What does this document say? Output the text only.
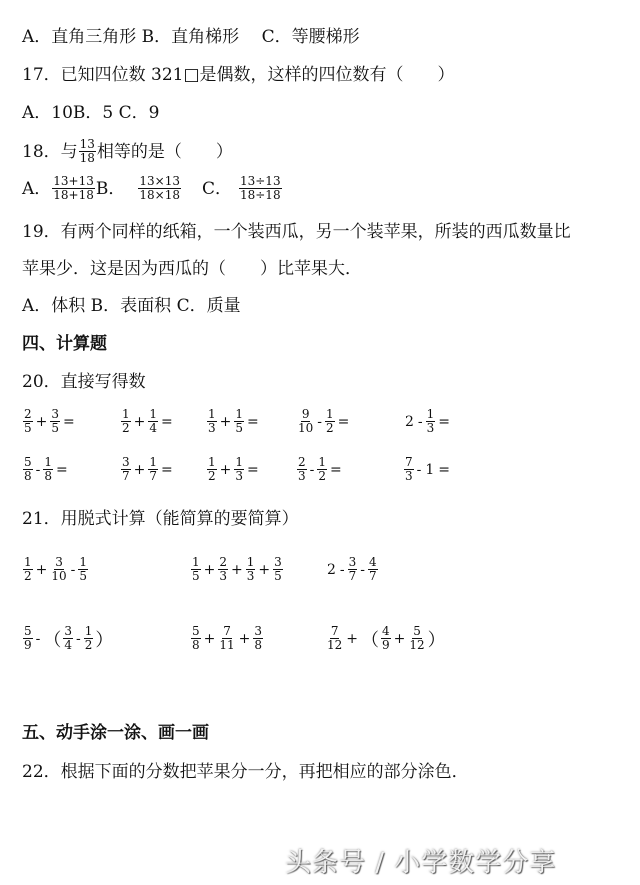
A．直角三角形 B．直角梯形　 C．等腰梯形
17．已知四位数 321□是偶数，这样的四位数有（　　）
A．10B．5 C．9
18．与 $\frac{13}{18}$ 相等的是（　　）
A． $\frac{13+13}{18+18}$ B． $\frac{13\times 13}{18\times 18}$ C． $\frac{13\div 13}{18\div 18}$
19．有两个同样的纸箱，一个装西瓜，另一个装苹果，所装的西瓜数量比
苹果少．这是因为西瓜的（　　）比苹果大．
A．体积 B．表面积 C．质量
四、计算题
20．直接写得数
$\frac{2}{5} + \frac{3}{5}$ =	$\frac{1}{2} + \frac{1}{4}$ =	$\frac{1}{3} + \frac{1}{5}$ =	$\frac{9}{10} - \frac{1}{2}$ =	$2 - \frac{1}{3}$ =
$\frac{5}{8} - \frac{1}{8}$ =	$\frac{3}{7} + \frac{1}{7}$ =	$\frac{1}{2} + \frac{1}{3}$ =	$\frac{2}{3} - \frac{1}{2}$ =	$\frac{7}{3} - 1$ =
21．用脱式计算（能简算的要简算）
$\frac{1}{2} + \frac{3}{10} - \frac{1}{5}$	$\frac{1}{5} + \frac{2}{3} + \frac{1}{3} + \frac{3}{5}$	$2 - \frac{3}{7} - \frac{4}{7}$
$\frac{5}{9}$ - （ $\frac{3}{4} - \frac{1}{2}$ ）	$\frac{5}{8} + \frac{7}{11} + \frac{3}{8}$	$\frac{7}{12}$ + （ $\frac{4}{9} + \frac{5}{12}$ ）
五、动手涂一涂、画一画
22．根据下面的分数把苹果分一分，再把相应的部分涂色．
头条号 / 小学数学分享
